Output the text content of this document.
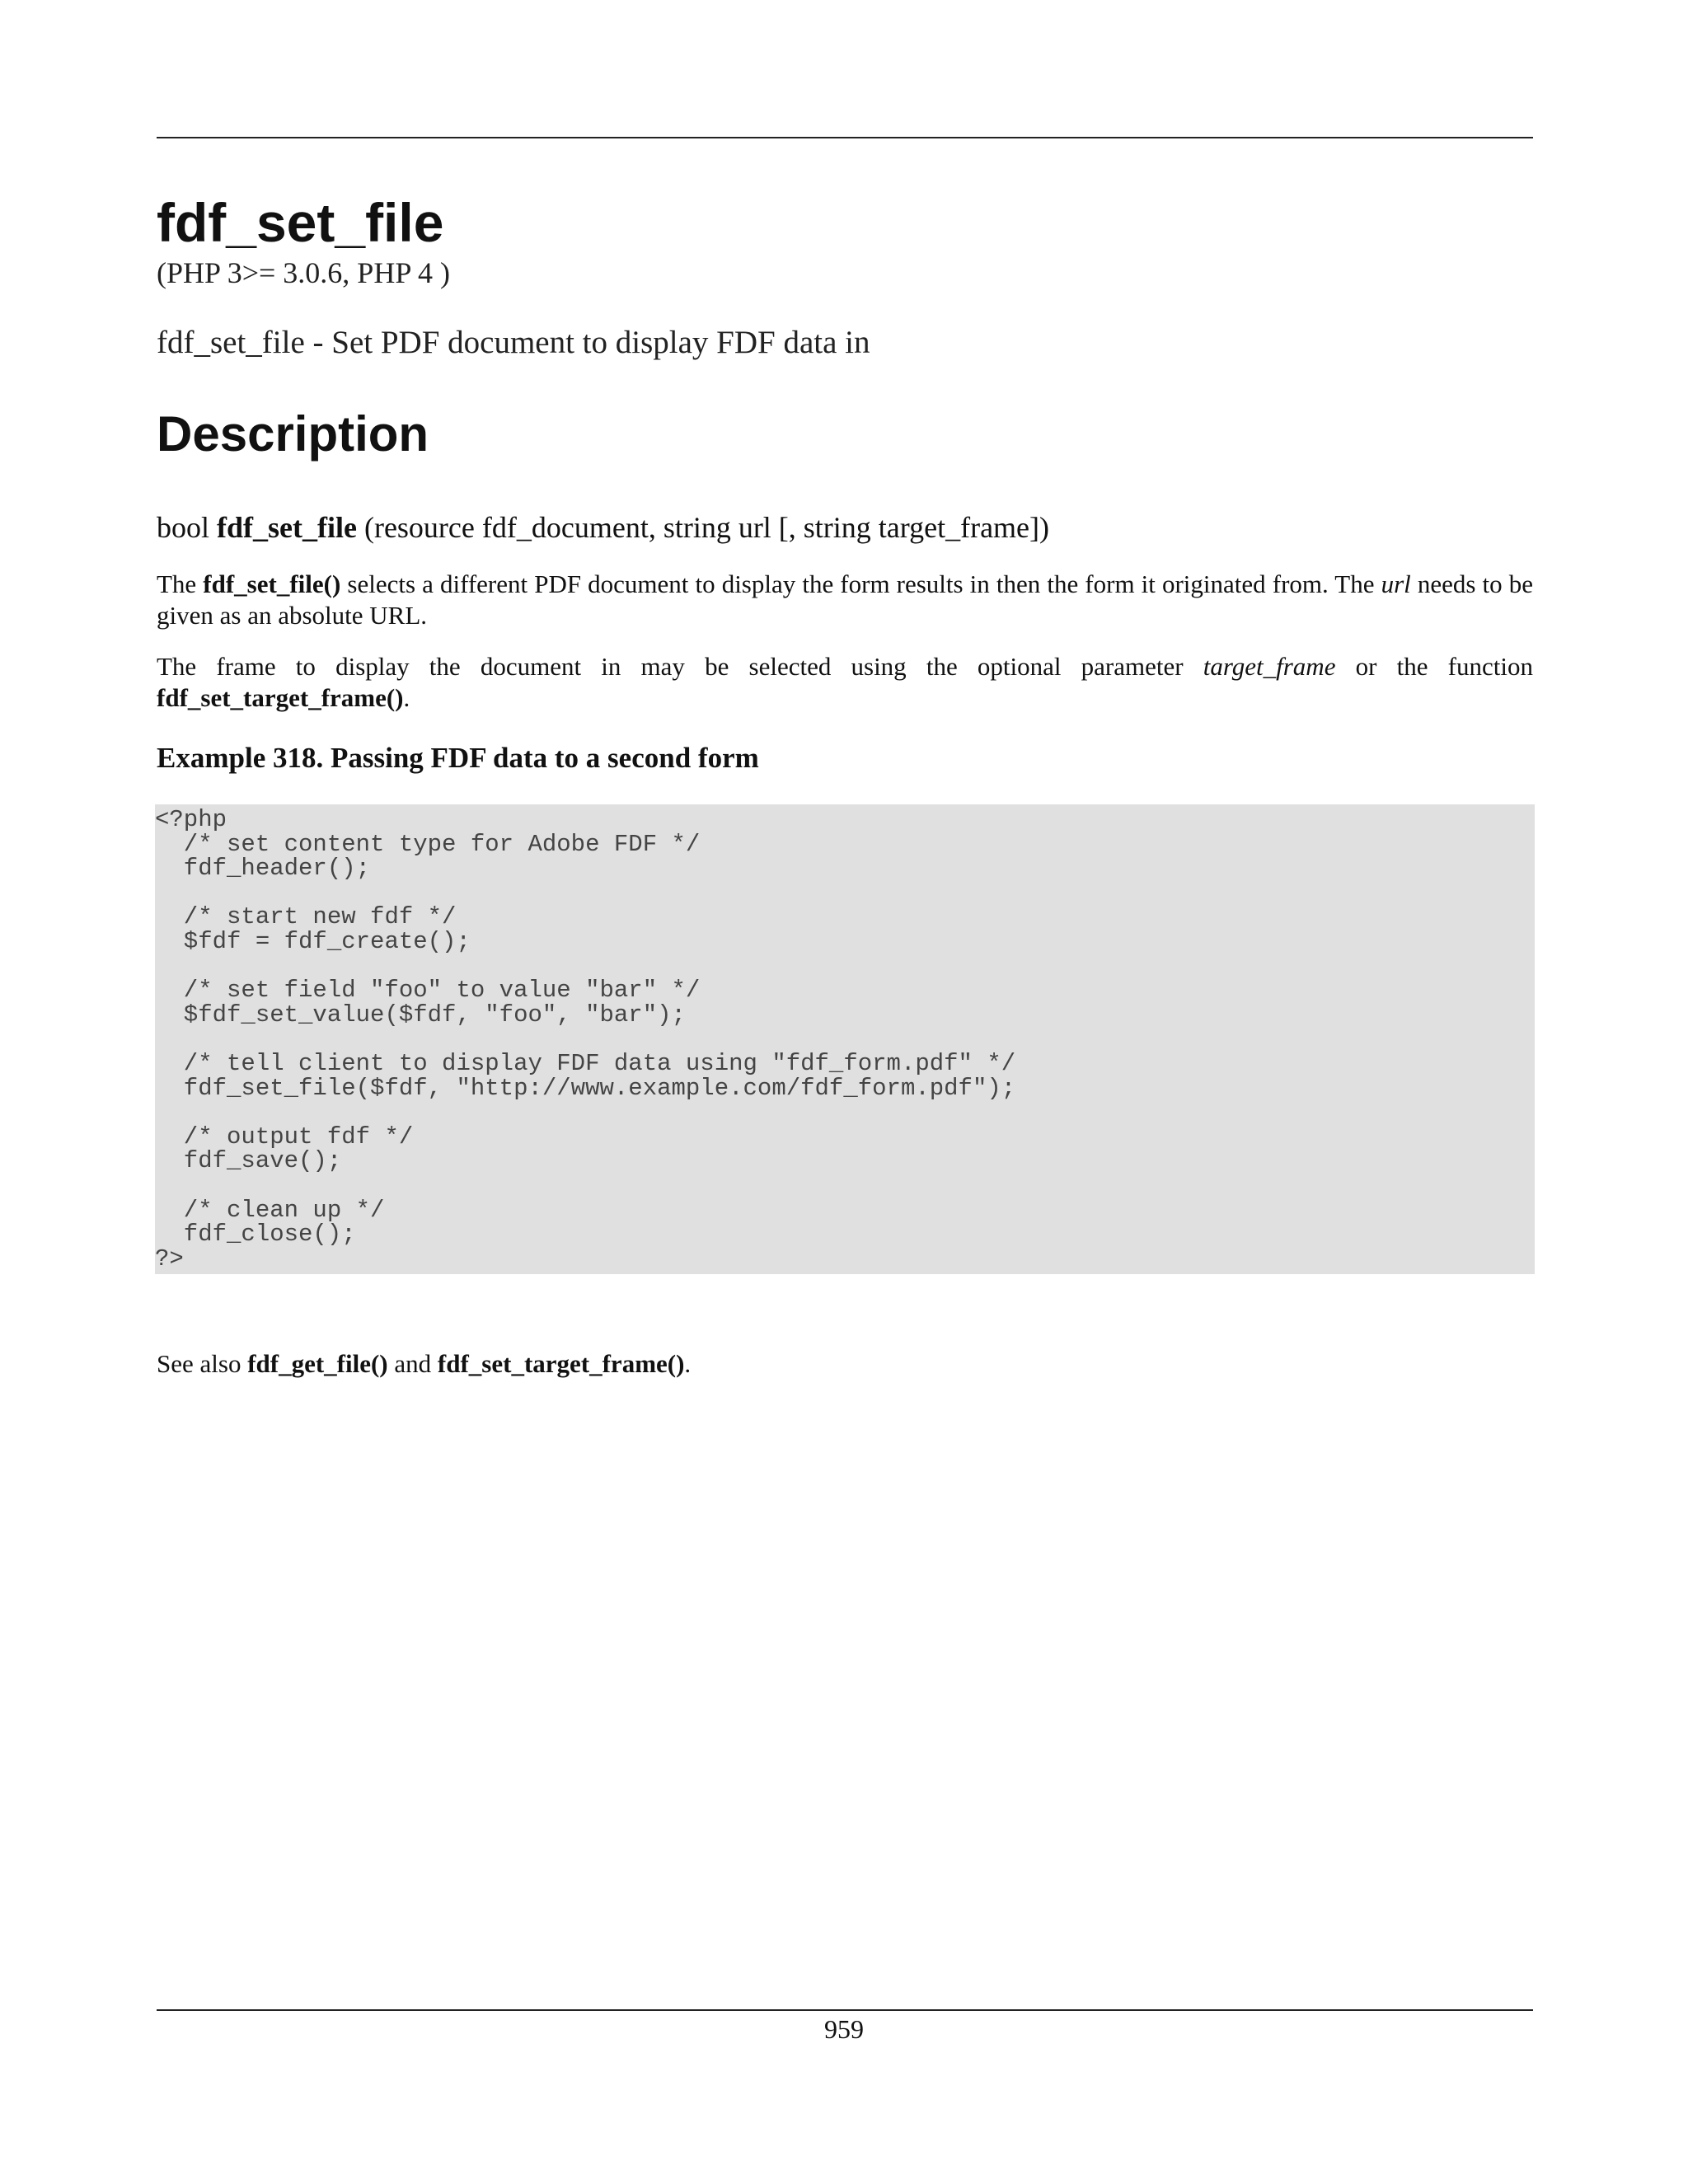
fdf_set_file
(PHP 3>= 3.0.6, PHP 4 )
fdf_set_file - Set PDF document to display FDF data in
Description
bool fdf_set_file (resource fdf_document, string url [, string target_frame])

The fdf_set_file() selects a different PDF document to display the form results in then the form it originated from. The url needs to be given as an absolute URL.

The frame to display the document in may be selected using the optional parameter target_frame or the function fdf_set_target_frame().

Example 318. Passing FDF data to a second form
<?php
/* set content type for Adobe FDF */
fdf_header();
/* start new fdf */
$fdf = fdf_create();
/* set field "foo" to value "bar" */
$fdf_set_value($fdf, "foo", "bar");
/* tell client to display FDF data using "fdf_form.pdf" */
fdf_set_file($fdf, "http://www.example.com/fdf_form.pdf");
/* output fdf */
fdf_save();
/* clean up */
fdf_close();
?>
See also fdf_get_file() and fdf_set_target_frame().
959
